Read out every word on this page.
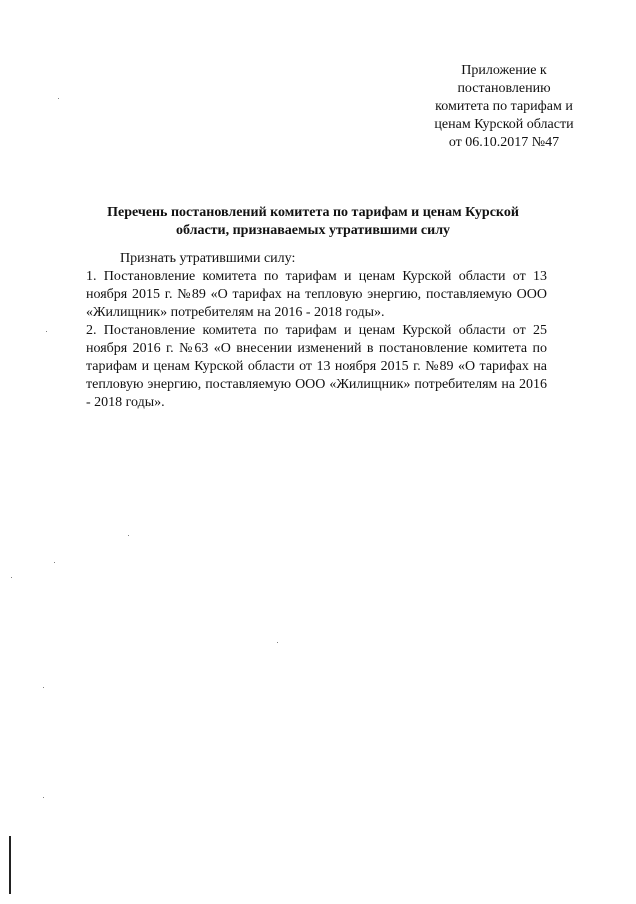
Приложение к
постановлению
комитета по тарифам и
ценам Курской области
от 06.10.2017 №47
Перечень постановлений комитета по тарифам и ценам Курской
области, признаваемых утратившими силу
Признать утратившими силу:
1. Постановление комитета по тарифам и ценам Курской области от 13 ноября 2015 г. №89 «О тарифах на тепловую энергию, поставляемую ООО «Жилищник» потребителям на 2016 - 2018 годы».
2. Постановление комитета по тарифам и ценам Курской области от 25 ноября 2016 г. №63 «О внесении изменений в постановление комитета по тарифам и ценам Курской области от 13 ноября 2015 г. №89 «О тарифах на тепловую энергию, поставляемую ООО «Жилищник» потребителям на 2016 - 2018 годы».
